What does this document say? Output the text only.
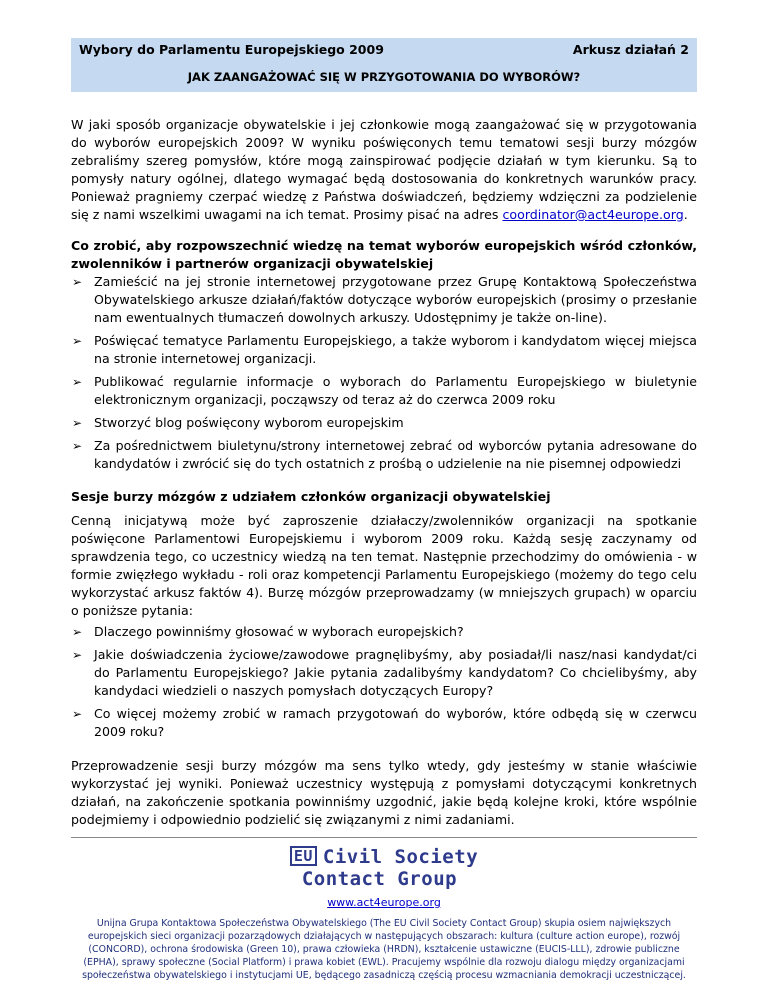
Wybory do Parlamentu Europejskiego 2009	Arkusz działań 2
JAK ZAANGAŻOWAĆ SIĘ W PRZYGOTOWANIA DO WYBORÓW?

W jaki sposób organizacje obywatelskie i jej członkowie mogą zaangażować się w przygotowania do wyborów europejskich 2009? W wyniku poświęconych temu tematowi sesji burzy mózgów zebraliśmy szereg pomysłów, które mogą zainspirować podjęcie działań w tym kierunku. Są to pomysły natury ogólnej, dlatego wymagać będą dostosowania do konkretnych warunków pracy. Ponieważ pragniemy czerpać wiedzę z Państwa doświadczeń, będziemy wdzięczni za podzielenie się z nami wszelkimi uwagami na ich temat. Prosimy pisać na adres coordinator@act4europe.org.

Co zrobić, aby rozpowszechnić wiedzę na temat wyborów europejskich wśród członków, zwolenników i partnerów organizacji obywatelskiej

➢ Zamieścić na jej stronie internetowej przygotowane przez Grupę Kontaktową Społeczeństwa Obywatelskiego arkusze działań/faktów dotyczące wyborów europejskich (prosimy o przesłanie nam ewentualnych tłumaczeń dowolnych arkuszy. Udostępnimy je także on-line).
➢ Poświęcać tematyce Parlamentu Europejskiego, a także wyborom i kandydatom więcej miejsca na stronie internetowej organizacji.
➢ Publikować regularnie informacje o wyborach do Parlamentu Europejskiego w biuletynie elektronicznym organizacji, począwszy od teraz aż do czerwca 2009 roku
➢ Stworzyć blog poświęcony wyborom europejskim
➢ Za pośrednictwem biuletynu/strony internetowej zebrać od wyborców pytania adresowane do kandydatów i zwrócić się do tych ostatnich z prośbą o udzielenie na nie pisemnej odpowiedzi

Sesje burzy mózgów z udziałem członków organizacji obywatelskiej

Cenną inicjatywą może być zaproszenie działaczy/zwolenników organizacji na spotkanie poświęcone Parlamentowi Europejskiemu i wyborom 2009 roku. Każdą sesję zaczynamy od sprawdzenia tego, co uczestnicy wiedzą na ten temat. Następnie przechodzimy do omówienia - w formie zwięzłego wykładu - roli oraz kompetencji Parlamentu Europejskiego (możemy do tego celu wykorzystać arkusz faktów 4). Burzę mózgów przeprowadzamy (w mniejszych grupach) w oparciu o poniższe pytania:

➢ Dlaczego powinniśmy głosować w wyborach europejskich?
➢ Jakie doświadczenia życiowe/zawodowe pragnęlibyśmy, aby posiadał/li nasz/nasi kandydat/ci do Parlamentu Europejskiego? Jakie pytania zadalibyśmy kandydatom? Co chcielibyśmy, aby kandydaci wiedzieli o naszych pomysłach dotyczących Europy?
➢ Co więcej możemy zrobić w ramach przygotowań do wyborów, które odbędą się w czerwcu 2009 roku?

Przeprowadzenie sesji burzy mózgów ma sens tylko wtedy, gdy jesteśmy w stanie właściwie wykorzystać jej wyniki. Ponieważ uczestnicy występują z pomysłami dotyczącymi konkretnych działań, na zakończenie spotkania powinniśmy uzgodnić, jakie będą kolejne kroki, które wspólnie podejmiemy i odpowiednio podzielić się związanymi z nimi zadaniami.

EU Civil Society
Contact Group
www.act4europe.org
Unijna Grupa Kontaktowa Społeczeństwa Obywatelskiego (The EU Civil Society Contact Group) skupia osiem największych europejskich sieci organizacji pozarządowych działających w następujących obszarach: kultura (culture action europe), rozwój (CONCORD), ochrona środowiska (Green 10), prawa człowieka (HRDN), kształcenie ustawiczne (EUCIS-LLL), zdrowie publiczne (EPHA), sprawy społeczne (Social Platform) i prawa kobiet (EWL). Pracujemy wspólnie dla rozwoju dialogu między organizacjami społeczeństwa obywatelskiego i instytucjami UE, będącego zasadniczą częścią procesu wzmacniania demokracji uczestniczącej.
